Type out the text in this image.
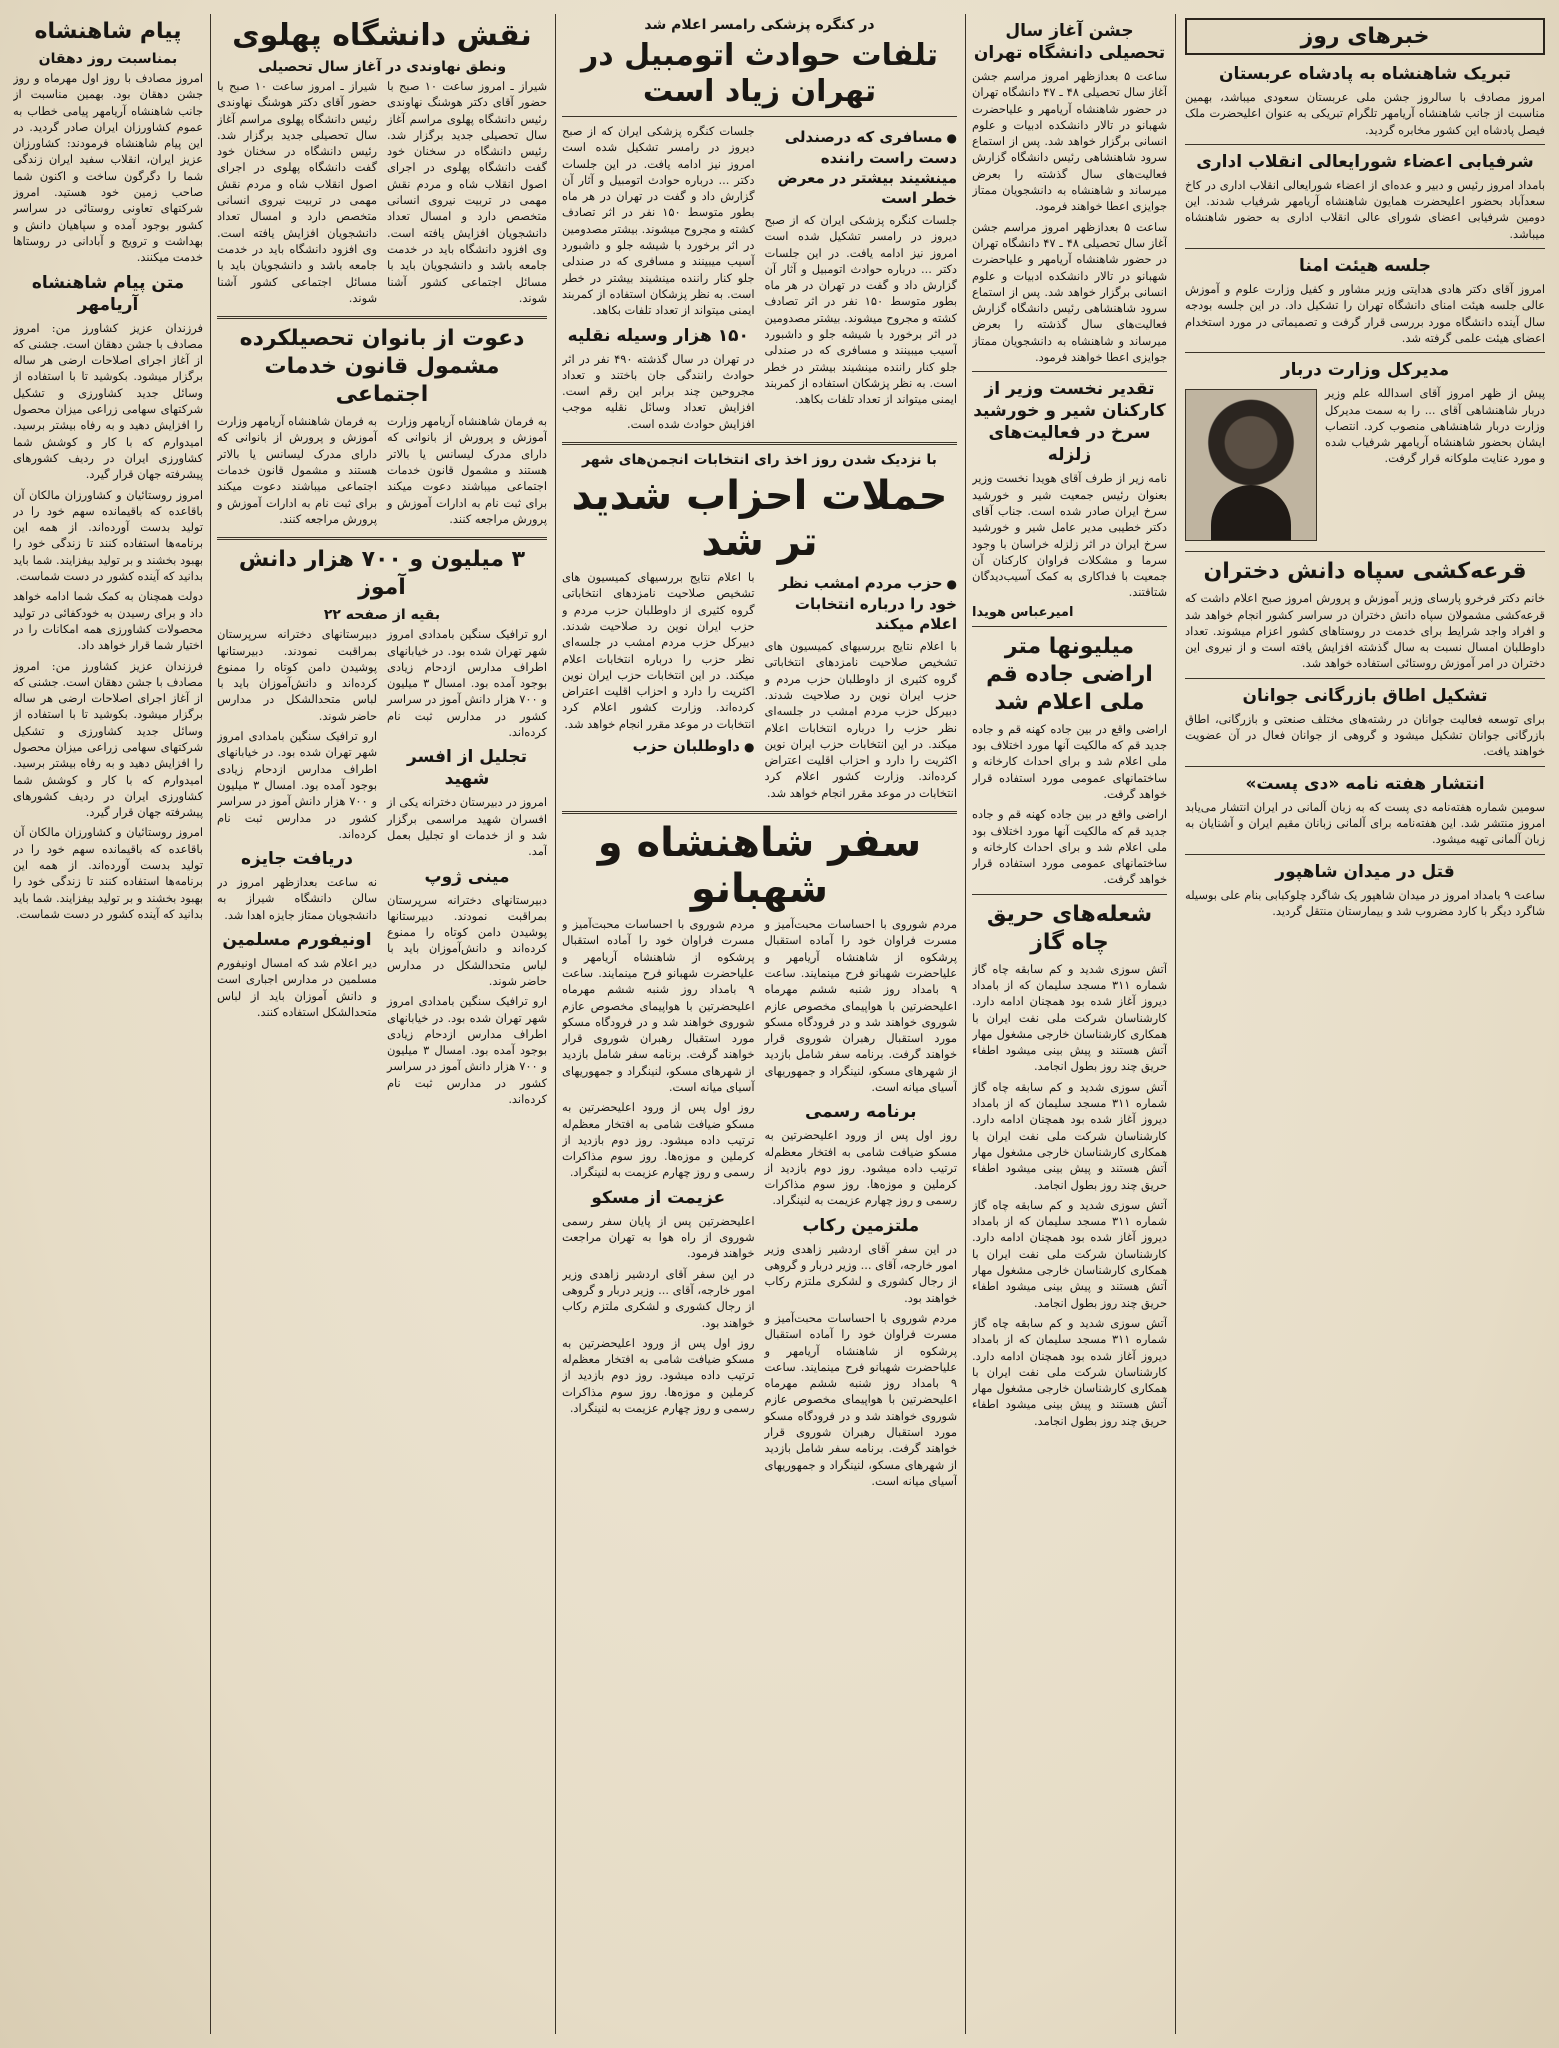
خبرهای روز
تبریک شاهنشاه به پادشاه عربستان

امروز مصادف با سالروز جشن ملی عربستان سعودی میباشد، بهمین مناسبت از جانب شاهنشاه آریامهر تلگرام تبریکی به عنوان اعلیحضرت ملک فیصل پادشاه این کشور مخابره گردید.

شرفیابی اعضاء شورایعالی انقلاب اداری

بامداد امروز رئیس و دبیر و عده‌ای از اعضاء شورایعالی انقلاب اداری در کاخ سعدآباد بحضور اعلیحضرت همایون شاهنشاه آریامهر شرفیاب شدند. این دومین شرفیابی اعضای شورای عالی انقلاب اداری به حضور شاهنشاه میباشد.

جلسه هیئت امنا

امروز آقای دکتر هادی هدایتی وزیر مشاور و کفیل وزارت علوم و آموزش عالی جلسه هیئت امنای دانشگاه تهران را تشکیل داد. در این جلسه بودجه سال آینده دانشگاه مورد بررسی قرار گرفت و تصمیماتی در مورد استخدام اعضای هیئت علمی گرفته شد.

مدیرکل وزارت دربار

پیش از ظهر امروز آقای اسدالله علم وزیر دربار شاهنشاهی آقای ... را به سمت مدیرکل وزارت دربار شاهنشاهی منصوب کرد. انتصاب ایشان بحضور شاهنشاه آریامهر شرفیاب شده و مورد عنایت ملوکانه قرار گرفت.

قرعه‌کشی سپاه دانش دختران

خانم دکتر فرخرو پارسای وزیر آموزش و پرورش امروز صبح اعلام داشت که قرعه‌کشی مشمولان سپاه دانش دختران در سراسر کشور انجام خواهد شد و افراد واجد شرایط برای خدمت در روستاهای کشور اعزام میشوند. تعداد داوطلبان امسال نسبت به سال گذشته افزایش یافته است و از نیروی این دختران در امر آموزش روستائی استفاده خواهد شد.

تشکیل اطاق بازرگانی جوانان

برای توسعه فعالیت جوانان در رشته‌های مختلف صنعتی و بازرگانی، اطاق بازرگانی جوانان تشکیل میشود و گروهی از جوانان فعال در آن عضویت خواهند یافت.

انتشار هفته نامه «دی پست»

سومین شماره هفته‌نامه دی پست که به زبان آلمانی در ایران انتشار می‌یابد امروز منتشر شد. این هفته‌نامه برای آلمانی زبانان مقیم ایران و آشنایان به زبان آلمانی تهیه میشود.

قتل در میدان شاهپور

ساعت ۹ بامداد امروز در میدان شاهپور یک شاگرد چلوکبابی بنام علی بوسیله شاگرد دیگر با کارد مضروب شد و بیمارستان منتقل گردید.

جشن آغاز سال تحصیلی دانشگاه تهران

ساعت ۵ بعدازظهر امروز مراسم جشن آغاز سال تحصیلی ۴۸ ـ ۴۷ دانشگاه تهران در حضور شاهنشاه آریامهر و علیاحضرت شهبانو در تالار دانشکده ادبیات و علوم انسانی برگزار خواهد شد. پس از استماع سرود شاهنشاهی رئیس دانشگاه گزارش فعالیت‌های سال گذشته را بعرض میرساند و شاهنشاه به دانشجویان ممتاز جوایزی اعطا خواهند فرمود.

ساعت ۵ بعدازظهر امروز مراسم جشن آغاز سال تحصیلی ۴۸ ـ ۴۷ دانشگاه تهران در حضور شاهنشاه آریامهر و علیاحضرت شهبانو در تالار دانشکده ادبیات و علوم انسانی برگزار خواهد شد. پس از استماع سرود شاهنشاهی رئیس دانشگاه گزارش فعالیت‌های سال گذشته را بعرض میرساند و شاهنشاه به دانشجویان ممتاز جوایزی اعطا خواهند فرمود.

تقدیر نخست وزیر از کارکنان شیر و خورشید سرخ در فعالیت‌های زلزله

نامه زیر از طرف آقای هویدا نخست وزیر بعنوان رئیس جمعیت شیر و خورشید سرخ ایران صادر شده است. جناب آقای دکتر خطیبی مدیر عامل شیر و خورشید سرخ ایران در اثر زلزله خراسان با وجود سرما و مشکلات فراوان کارکنان آن جمعیت با فداکاری به کمک آسیب‌دیدگان شتافتند.

امیرعباس هویدا
میلیونها متر اراضی جاده قم ملی اعلام شد

اراضی واقع در بین جاده کهنه قم و جاده جدید قم که مالکیت آنها مورد اختلاف بود ملی اعلام شد و برای احداث کارخانه و ساختمانهای عمومی مورد استفاده قرار خواهد گرفت.

اراضی واقع در بین جاده کهنه قم و جاده جدید قم که مالکیت آنها مورد اختلاف بود ملی اعلام شد و برای احداث کارخانه و ساختمانهای عمومی مورد استفاده قرار خواهد گرفت.

شعله‌های حریق چاه گاز

آتش سوزی شدید و کم سابقه چاه گاز شماره ۳۱۱ مسجد سلیمان که از بامداد دیروز آغاز شده بود همچنان ادامه دارد. کارشناسان شرکت ملی نفت ایران با همکاری کارشناسان خارجی مشغول مهار آتش هستند و پیش بینی میشود اطفاء حریق چند روز بطول انجامد.

آتش سوزی شدید و کم سابقه چاه گاز شماره ۳۱۱ مسجد سلیمان که از بامداد دیروز آغاز شده بود همچنان ادامه دارد. کارشناسان شرکت ملی نفت ایران با همکاری کارشناسان خارجی مشغول مهار آتش هستند و پیش بینی میشود اطفاء حریق چند روز بطول انجامد.

آتش سوزی شدید و کم سابقه چاه گاز شماره ۳۱۱ مسجد سلیمان که از بامداد دیروز آغاز شده بود همچنان ادامه دارد. کارشناسان شرکت ملی نفت ایران با همکاری کارشناسان خارجی مشغول مهار آتش هستند و پیش بینی میشود اطفاء حریق چند روز بطول انجامد.

آتش سوزی شدید و کم سابقه چاه گاز شماره ۳۱۱ مسجد سلیمان که از بامداد دیروز آغاز شده بود همچنان ادامه دارد. کارشناسان شرکت ملی نفت ایران با همکاری کارشناسان خارجی مشغول مهار آتش هستند و پیش بینی میشود اطفاء حریق چند روز بطول انجامد.

در کنگره پزشکی رامسر اعلام شد
تلفات حوادث اتومبیل در تهران زیاد است
● مسافری که درصندلی دست راست راننده مینشیند بیشتر در معرض خطر است

جلسات کنگره پزشکی ایران که از صبح دیروز در رامسر تشکیل شده است امروز نیز ادامه یافت. در این جلسات دکتر ... درباره حوادث اتومبیل و آثار آن گزارش داد و گفت در تهران در هر ماه بطور متوسط ۱۵۰ نفر در اثر تصادف کشته و مجروح میشوند. بیشتر مصدومین در اثر برخورد با شیشه جلو و داشبورد آسیب میبینند و مسافری که در صندلی جلو کنار راننده مینشیند بیشتر در خطر است. به نظر پزشکان استفاده از کمربند ایمنی میتواند از تعداد تلفات بکاهد.

جلسات کنگره پزشکی ایران که از صبح دیروز در رامسر تشکیل شده است امروز نیز ادامه یافت. در این جلسات دکتر ... درباره حوادث اتومبیل و آثار آن گزارش داد و گفت در تهران در هر ماه بطور متوسط ۱۵۰ نفر در اثر تصادف کشته و مجروح میشوند. بیشتر مصدومین در اثر برخورد با شیشه جلو و داشبورد آسیب میبینند و مسافری که در صندلی جلو کنار راننده مینشیند بیشتر در خطر است. به نظر پزشکان استفاده از کمربند ایمنی میتواند از تعداد تلفات بکاهد.

۱۵۰ هزار وسیله نقلیه

در تهران در سال گذشته ۴۹۰ نفر در اثر حوادث رانندگی جان باختند و تعداد مجروحین چند برابر این رقم است. افزایش تعداد وسائل نقلیه موجب افزایش حوادث شده است.

با نزدیک شدن روز اخذ رای انتخابات انجمن‌های شهر
حملات احزاب شدید تر شد
● حزب مردم امشب نظر خود را درباره انتخابات اعلام میکند

با اعلام نتایج بررسیهای کمیسیون های تشخیص صلاحیت نامزدهای انتخاباتی گروه کثیری از داوطلبان حزب مردم و حزب ایران نوین رد صلاحیت شدند. دبیرکل حزب مردم امشب در جلسه‌ای نظر حزب را درباره انتخابات اعلام میکند. در این انتخابات حزب ایران نوین اکثریت را دارد و احزاب اقلیت اعتراض کرده‌اند. وزارت کشور اعلام کرد انتخابات در موعد مقرر انجام خواهد شد.

با اعلام نتایج بررسیهای کمیسیون های تشخیص صلاحیت نامزدهای انتخاباتی گروه کثیری از داوطلبان حزب مردم و حزب ایران نوین رد صلاحیت شدند. دبیرکل حزب مردم امشب در جلسه‌ای نظر حزب را درباره انتخابات اعلام میکند. در این انتخابات حزب ایران نوین اکثریت را دارد و احزاب اقلیت اعتراض کرده‌اند. وزارت کشور اعلام کرد انتخابات در موعد مقرر انجام خواهد شد.

● داوطلبان حزب
سفر شاهنشاه و شهبانو

مردم شوروی با احساسات محبت‌آمیز و مسرت فراوان خود را آماده استقبال پرشکوه از شاهنشاه آریامهر و علیاحضرت شهبانو فرح مینمایند. ساعت ۹ بامداد روز شنبه ششم مهرماه اعلیحضرتین با هواپیمای مخصوص عازم شوروی خواهند شد و در فرودگاه مسکو مورد استقبال رهبران شوروی قرار خواهند گرفت. برنامه سفر شامل بازدید از شهرهای مسکو، لنینگراد و جمهوریهای آسیای میانه است.

برنامه رسمی

روز اول پس از ورود اعلیحضرتین به مسکو ضیافت شامی به افتخار معظم‌له ترتیب داده میشود. روز دوم بازدید از کرملین و موزه‌ها. روز سوم مذاکرات رسمی و روز چهارم عزیمت به لنینگراد.

ملتزمین رکاب

در این سفر آقای اردشیر زاهدی وزیر امور خارجه، آقای ... وزیر دربار و گروهی از رجال کشوری و لشکری ملتزم رکاب خواهند بود.

مردم شوروی با احساسات محبت‌آمیز و مسرت فراوان خود را آماده استقبال پرشکوه از شاهنشاه آریامهر و علیاحضرت شهبانو فرح مینمایند. ساعت ۹ بامداد روز شنبه ششم مهرماه اعلیحضرتین با هواپیمای مخصوص عازم شوروی خواهند شد و در فرودگاه مسکو مورد استقبال رهبران شوروی قرار خواهند گرفت. برنامه سفر شامل بازدید از شهرهای مسکو، لنینگراد و جمهوریهای آسیای میانه است.

مردم شوروی با احساسات محبت‌آمیز و مسرت فراوان خود را آماده استقبال پرشکوه از شاهنشاه آریامهر و علیاحضرت شهبانو فرح مینمایند. ساعت ۹ بامداد روز شنبه ششم مهرماه اعلیحضرتین با هواپیمای مخصوص عازم شوروی خواهند شد و در فرودگاه مسکو مورد استقبال رهبران شوروی قرار خواهند گرفت. برنامه سفر شامل بازدید از شهرهای مسکو، لنینگراد و جمهوریهای آسیای میانه است.

روز اول پس از ورود اعلیحضرتین به مسکو ضیافت شامی به افتخار معظم‌له ترتیب داده میشود. روز دوم بازدید از کرملین و موزه‌ها. روز سوم مذاکرات رسمی و روز چهارم عزیمت به لنینگراد.

عزیمت از مسکو

اعلیحضرتین پس از پایان سفر رسمی شوروی از راه هوا به تهران مراجعت خواهند فرمود.

در این سفر آقای اردشیر زاهدی وزیر امور خارجه، آقای ... وزیر دربار و گروهی از رجال کشوری و لشکری ملتزم رکاب خواهند بود.

روز اول پس از ورود اعلیحضرتین به مسکو ضیافت شامی به افتخار معظم‌له ترتیب داده میشود. روز دوم بازدید از کرملین و موزه‌ها. روز سوم مذاکرات رسمی و روز چهارم عزیمت به لنینگراد.

نقش دانشگاه پهلوی
ونطق نهاوندی در آغاز سال تحصیلی

شیراز ـ امروز ساعت ۱۰ صبح با حضور آقای دکتر هوشنگ نهاوندی رئیس دانشگاه پهلوی مراسم آغاز سال تحصیلی جدید برگزار شد. رئیس دانشگاه در سخنان خود گفت دانشگاه پهلوی در اجرای اصول انقلاب شاه و مردم نقش مهمی در تربیت نیروی انسانی متخصص دارد و امسال تعداد دانشجویان افزایش یافته است. وی افزود دانشگاه باید در خدمت جامعه باشد و دانشجویان باید با مسائل اجتماعی کشور آشنا شوند.

شیراز ـ امروز ساعت ۱۰ صبح با حضور آقای دکتر هوشنگ نهاوندی رئیس دانشگاه پهلوی مراسم آغاز سال تحصیلی جدید برگزار شد. رئیس دانشگاه در سخنان خود گفت دانشگاه پهلوی در اجرای اصول انقلاب شاه و مردم نقش مهمی در تربیت نیروی انسانی متخصص دارد و امسال تعداد دانشجویان افزایش یافته است. وی افزود دانشگاه باید در خدمت جامعه باشد و دانشجویان باید با مسائل اجتماعی کشور آشنا شوند.

دعوت از بانوان تحصیلکرده مشمول قانون خدمات اجتماعی

به فرمان شاهنشاه آریامهر وزارت آموزش و پرورش از بانوانی که دارای مدرک لیسانس یا بالاتر هستند و مشمول قانون خدمات اجتماعی میباشند دعوت میکند برای ثبت نام به ادارات آموزش و پرورش مراجعه کنند.

به فرمان شاهنشاه آریامهر وزارت آموزش و پرورش از بانوانی که دارای مدرک لیسانس یا بالاتر هستند و مشمول قانون خدمات اجتماعی میباشند دعوت میکند برای ثبت نام به ادارات آموزش و پرورش مراجعه کنند.

۳ میلیون و ۷۰۰ هزار دانش آموز
بقیه از صفحه ۲۲

ارو ترافیک سنگین بامدادی امروز شهر تهران شده بود. در خیابانهای اطراف مدارس ازدحام زیادی بوجود آمده بود. امسال ۳ میلیون و ۷۰۰ هزار دانش آموز در سراسر کشور در مدارس ثبت نام کرده‌اند.

تجلیل از افسر شهید

امروز در دبیرستان دخترانه یکی از افسران شهید مراسمی برگزار شد و از خدمات او تجلیل بعمل آمد.

مینی ژوپ

دبیرستانهای دخترانه سرپرستان بمراقبت نمودند. دبیرستانها پوشیدن دامن کوتاه را ممنوع کرده‌اند و دانش‌آموزان باید با لباس متحدالشکل در مدارس حاضر شوند.

ارو ترافیک سنگین بامدادی امروز شهر تهران شده بود. در خیابانهای اطراف مدارس ازدحام زیادی بوجود آمده بود. امسال ۳ میلیون و ۷۰۰ هزار دانش آموز در سراسر کشور در مدارس ثبت نام کرده‌اند.

دبیرستانهای دخترانه سرپرستان بمراقبت نمودند. دبیرستانها پوشیدن دامن کوتاه را ممنوع کرده‌اند و دانش‌آموزان باید با لباس متحدالشکل در مدارس حاضر شوند.

ارو ترافیک سنگین بامدادی امروز شهر تهران شده بود. در خیابانهای اطراف مدارس ازدحام زیادی بوجود آمده بود. امسال ۳ میلیون و ۷۰۰ هزار دانش آموز در سراسر کشور در مدارس ثبت نام کرده‌اند.

دریافت جایزه

نه ساعت بعدازظهر امروز در سالن دانشگاه شیراز به دانشجویان ممتاز جایزه اهدا شد.

اونیفورم مسلمین

دیر اعلام شد که امسال اونیفورم مسلمین در مدارس اجباری است و دانش آموزان باید از لباس متحدالشکل استفاده کنند.

پیام شاهنشاه
بمناسبت روز دهقان

امروز مصادف با روز اول مهرماه و روز جشن دهقان بود. بهمین مناسبت از جانب شاهنشاه آریامهر پیامی خطاب به عموم کشاورزان ایران صادر گردید. در این پیام شاهنشاه فرمودند: کشاورزان عزیز ایران، انقلاب سفید ایران زندگی شما را دگرگون ساخت و اکنون شما صاحب زمین خود هستید. امروز شرکتهای تعاونی روستائی در سراسر کشور بوجود آمده و سپاهیان دانش و بهداشت و ترویج و آبادانی در روستاها خدمت میکنند.

متن پیام شاهنشاه آریامهر

فرزندان عزیز کشاورز من: امروز مصادف با جشن دهقان است. جشنی که از آغاز اجرای اصلاحات ارضی هر ساله برگزار میشود. بکوشید تا با استفاده از وسائل جدید کشاورزی و تشکیل شرکتهای سهامی زراعی میزان محصول را افزایش دهید و به رفاه بیشتر برسید. امیدوارم که با کار و کوشش شما کشاورزی ایران در ردیف کشورهای پیشرفته جهان قرار گیرد.

امروز روستائیان و کشاورزان مالکان آن باقاعده که باقیمانده سهم خود را در تولید بدست آورده‌اند. از همه این برنامه‌ها استفاده کنند تا زندگی خود را بهبود بخشند و بر تولید بیفزایند. شما باید بدانید که آینده کشور در دست شماست.

دولت همچنان به کمک شما ادامه خواهد داد و برای رسیدن به خودکفائی در تولید محصولات کشاورزی همه امکانات را در اختیار شما قرار خواهد داد.

فرزندان عزیز کشاورز من: امروز مصادف با جشن دهقان است. جشنی که از آغاز اجرای اصلاحات ارضی هر ساله برگزار میشود. بکوشید تا با استفاده از وسائل جدید کشاورزی و تشکیل شرکتهای سهامی زراعی میزان محصول را افزایش دهید و به رفاه بیشتر برسید. امیدوارم که با کار و کوشش شما کشاورزی ایران در ردیف کشورهای پیشرفته جهان قرار گیرد.

امروز روستائیان و کشاورزان مالکان آن باقاعده که باقیمانده سهم خود را در تولید بدست آورده‌اند. از همه این برنامه‌ها استفاده کنند تا زندگی خود را بهبود بخشند و بر تولید بیفزایند. شما باید بدانید که آینده کشور در دست شماست.
